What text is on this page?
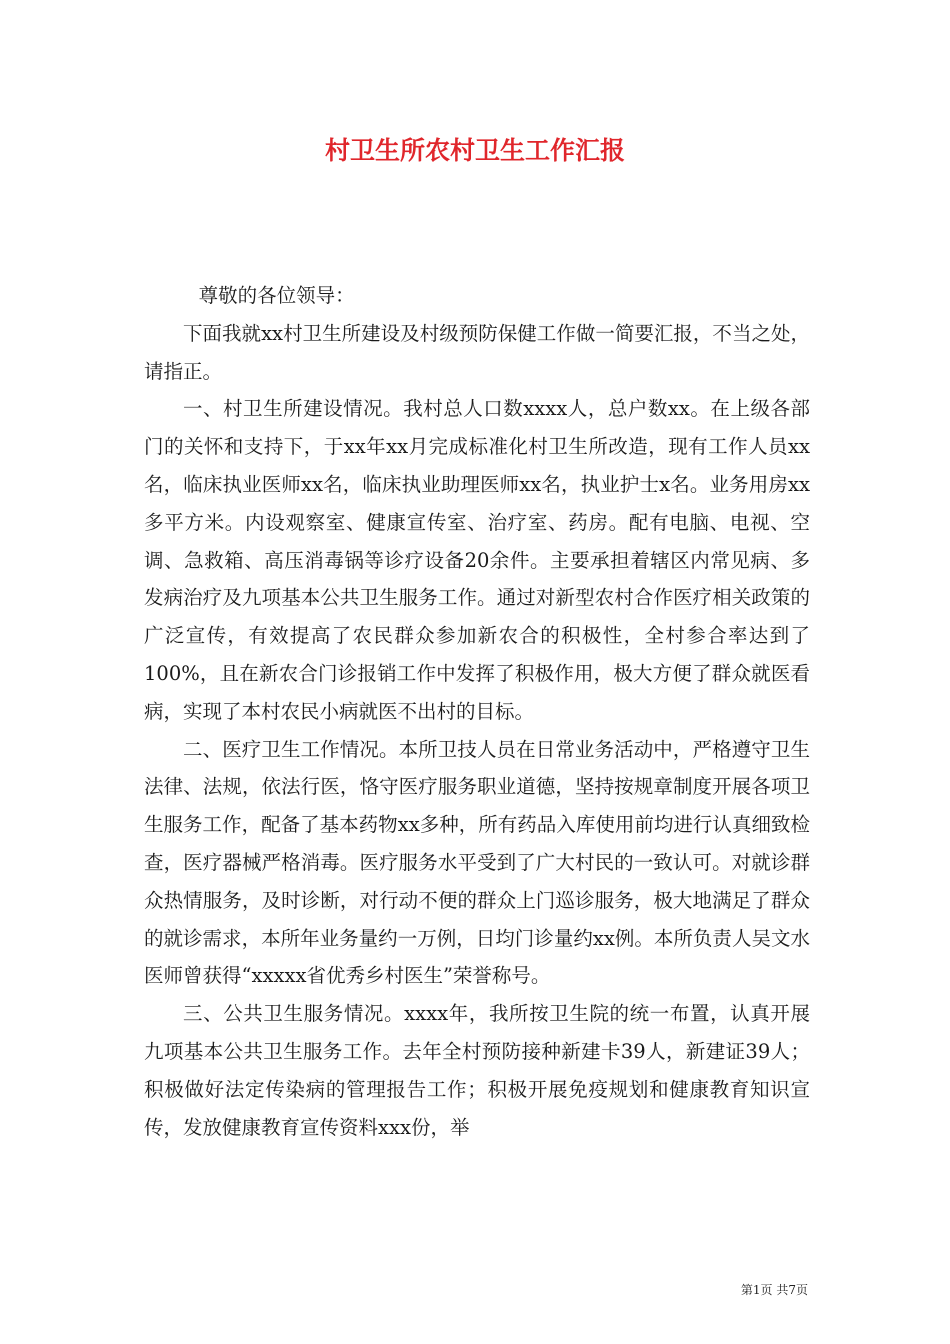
村卫生所农村卫生工作汇报

尊敬的各位领导：

下面我就xx村卫生所建设及村级预防保健工作做一简要汇报，不当之处，请指正。

一、村卫生所建设情况。我村总人口数xxxx人，总户数xx。在上级各部门的关怀和支持下，于xx年xx月完成标准化村卫生所改造，现有工作人员xx名，临床执业医师xx名，临床执业助理医师xx名，执业护士x名。业务用房xx多平方米。内设观察室、健康宣传室、治疗室、药房。配有电脑、电视、空调、急救箱、高压消毒锅等诊疗设备20余件。主要承担着辖区内常见病、多发病治疗及九项基本公共卫生服务工作。通过对新型农村合作医疗相关政策的广泛宣传，有效提高了农民群众参加新农合的积极性，全村参合率达到了100%，且在新农合门诊报销工作中发挥了积极作用，极大方便了群众就医看病，实现了本村农民小病就医不出村的目标。

二、医疗卫生工作情况。本所卫技人员在日常业务活动中，严格遵守卫生法律、法规，依法行医，恪守医疗服务职业道德，坚持按规章制度开展各项卫生服务工作，配备了基本药物xx多种，所有药品入库使用前均进行认真细致检查，医疗器械严格消毒。医疗服务水平受到了广大村民的一致认可。对就诊群众热情服务，及时诊断，对行动不便的群众上门巡诊服务，极大地满足了群众的就诊需求，本所年业务量约一万例，日均门诊量约xx例。本所负责人吴文水医师曾获得“xxxxx省优秀乡村医生”荣誉称号。

三、公共卫生服务情况。xxxx年，我所按卫生院的统一布置，认真开展九项基本公共卫生服务工作。去年全村预防接种新建卡39人，新建证39人；积极做好法定传染病的管理报告工作；积极开展免疫规划和健康教育知识宣传，发放健康教育宣传资料xxx份，举

第1页 共7页
